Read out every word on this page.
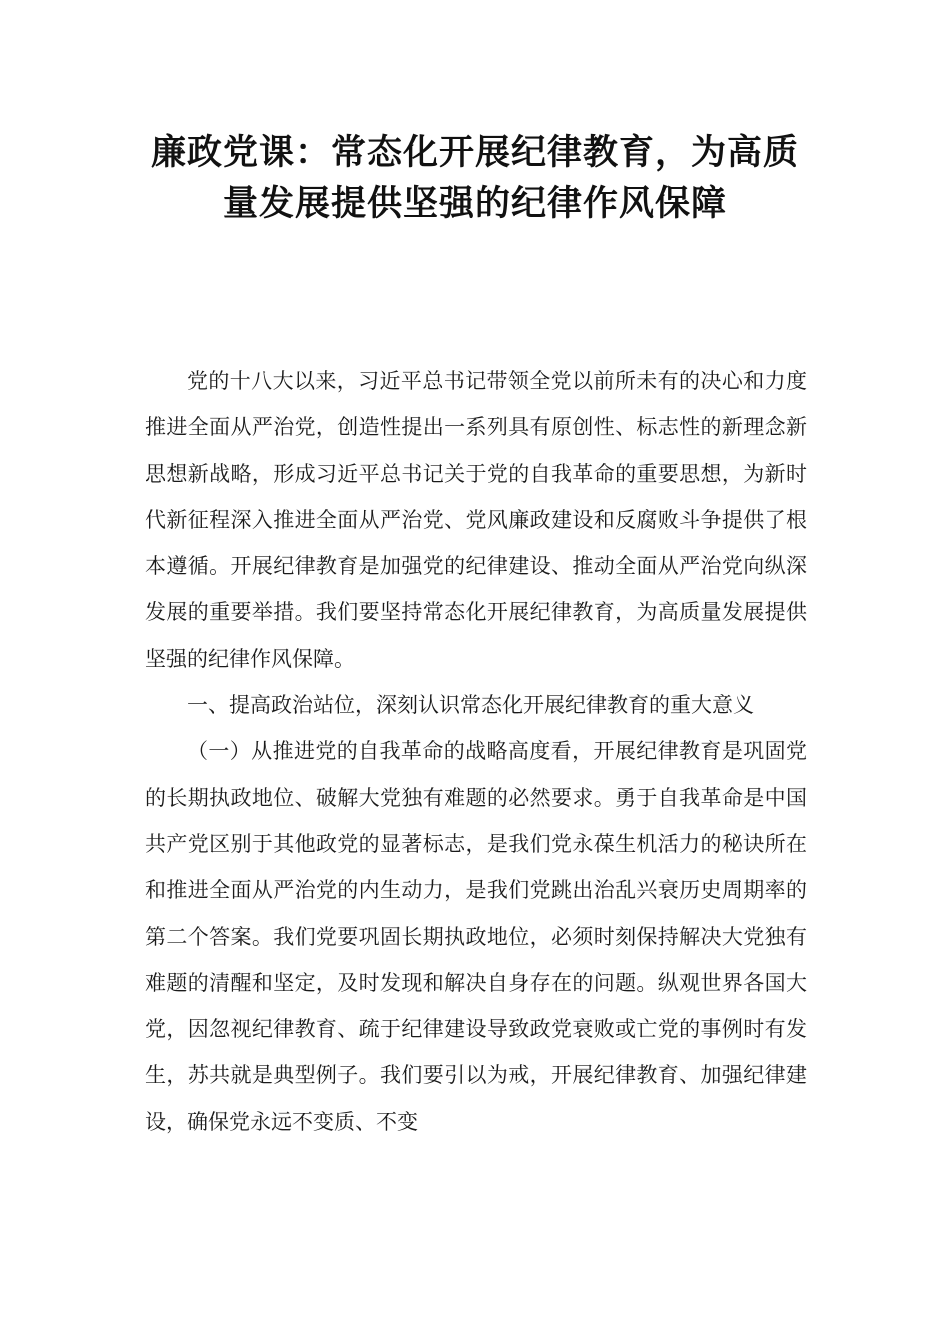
廉政党课：常态化开展纪律教育，为高质
量发展提供坚强的纪律作风保障

党的十八大以来，习近平总书记带领全党以前所未有的决心和力度推进全面从严治党，创造性提出一系列具有原创性、标志性的新理念新思想新战略，形成习近平总书记关于党的自我革命的重要思想，为新时代新征程深入推进全面从严治党、党风廉政建设和反腐败斗争提供了根本遵循。开展纪律教育是加强党的纪律建设、推动全面从严治党向纵深发展的重要举措。我们要坚持常态化开展纪律教育，为高质量发展提供坚强的纪律作风保障。

一、提高政治站位，深刻认识常态化开展纪律教育的重大意义

（一）从推进党的自我革命的战略高度看，开展纪律教育是巩固党的长期执政地位、破解大党独有难题的必然要求。勇于自我革命是中国共产党区别于其他政党的显著标志，是我们党永葆生机活力的秘诀所在和推进全面从严治党的内生动力，是我们党跳出治乱兴衰历史周期率的第二个答案。我们党要巩固长期执政地位，必须时刻保持解决大党独有难题的清醒和坚定，及时发现和解决自身存在的问题。纵观世界各国大党，因忽视纪律教育、疏于纪律建设导致政党衰败或亡党的事例时有发生，苏共就是典型例子。我们要引以为戒，开展纪律教育、加强纪律建设，确保党永远不变质、不变
